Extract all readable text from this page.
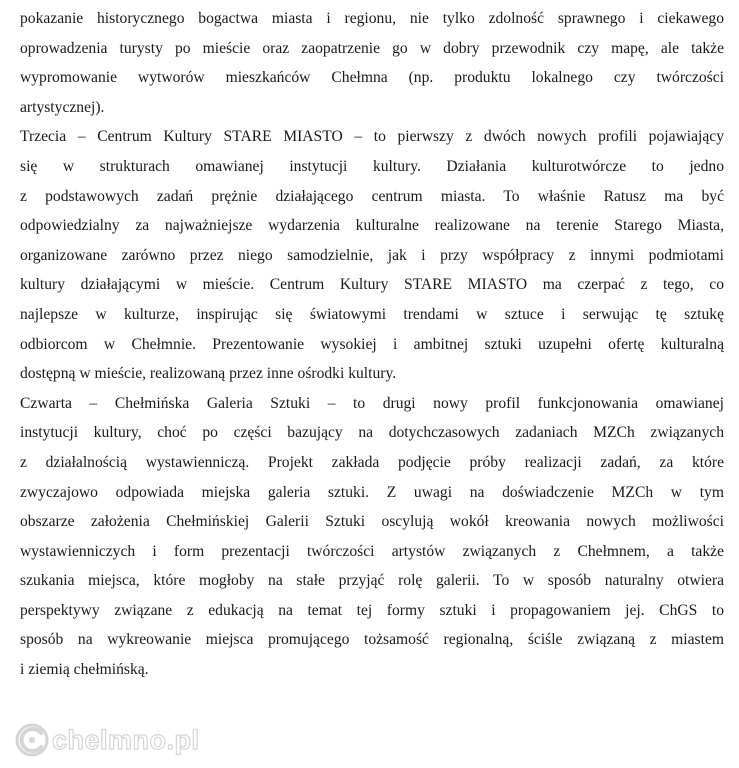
pokazanie historycznego bogactwa miasta i regionu, nie tylko zdolność sprawnego i ciekawego
oprowadzenia turysty po mieście oraz zaopatrzenie go w dobry przewodnik czy mapę, ale także
wypromowanie wytworów mieszkańców Chełmna (np. produktu lokalnego czy twórczości
artystycznej).
Trzecia – Centrum Kultury STARE MIASTO – to pierwszy z dwóch nowych profili pojawiający
się w strukturach omawianej instytucji kultury. Działania kulturotwórcze to jedno
z podstawowych zadań prężnie działającego centrum miasta. To właśnie Ratusz ma być
odpowiedzialny za najważniejsze wydarzenia kulturalne realizowane na terenie Starego Miasta,
organizowane zarówno przez niego samodzielnie, jak i przy współpracy z innymi podmiotami
kultury działającymi w mieście. Centrum Kultury STARE MIASTO ma czerpać z tego, co
najlepsze w kulturze, inspirując się światowymi trendami w sztuce i serwując tę sztukę
odbiorcom w Chełmnie. Prezentowanie wysokiej i ambitnej sztuki uzupełni ofertę kulturalną
dostępną w mieście, realizowaną przez inne ośrodki kultury.
Czwarta – Chełmińska Galeria Sztuki – to drugi nowy profil funkcjonowania omawianej
instytucji kultury, choć po części bazujący na dotychczasowych zadaniach MZCh związanych
z działalnością wystawienniczą. Projekt zakłada podjęcie próby realizacji zadań, za które
zwyczajowo odpowiada miejska galeria sztuki. Z uwagi na doświadczenie MZCh w tym
obszarze założenia Chełmińskiej Galerii Sztuki oscylują wokół kreowania nowych możliwości
wystawienniczych i form prezentacji twórczości artystów związanych z Chełmnem, a także
szukania miejsca, które mogłoby na stałe przyjąć rolę galerii. To w sposób naturalny otwiera
perspektywy związane z edukacją na temat tej formy sztuki i propagowaniem jej. ChGS to
sposób na wykreowanie miejsca promującego tożsamość regionalną, ściśle związaną z miastem
i ziemią chełmińską.
chelmno.pl
